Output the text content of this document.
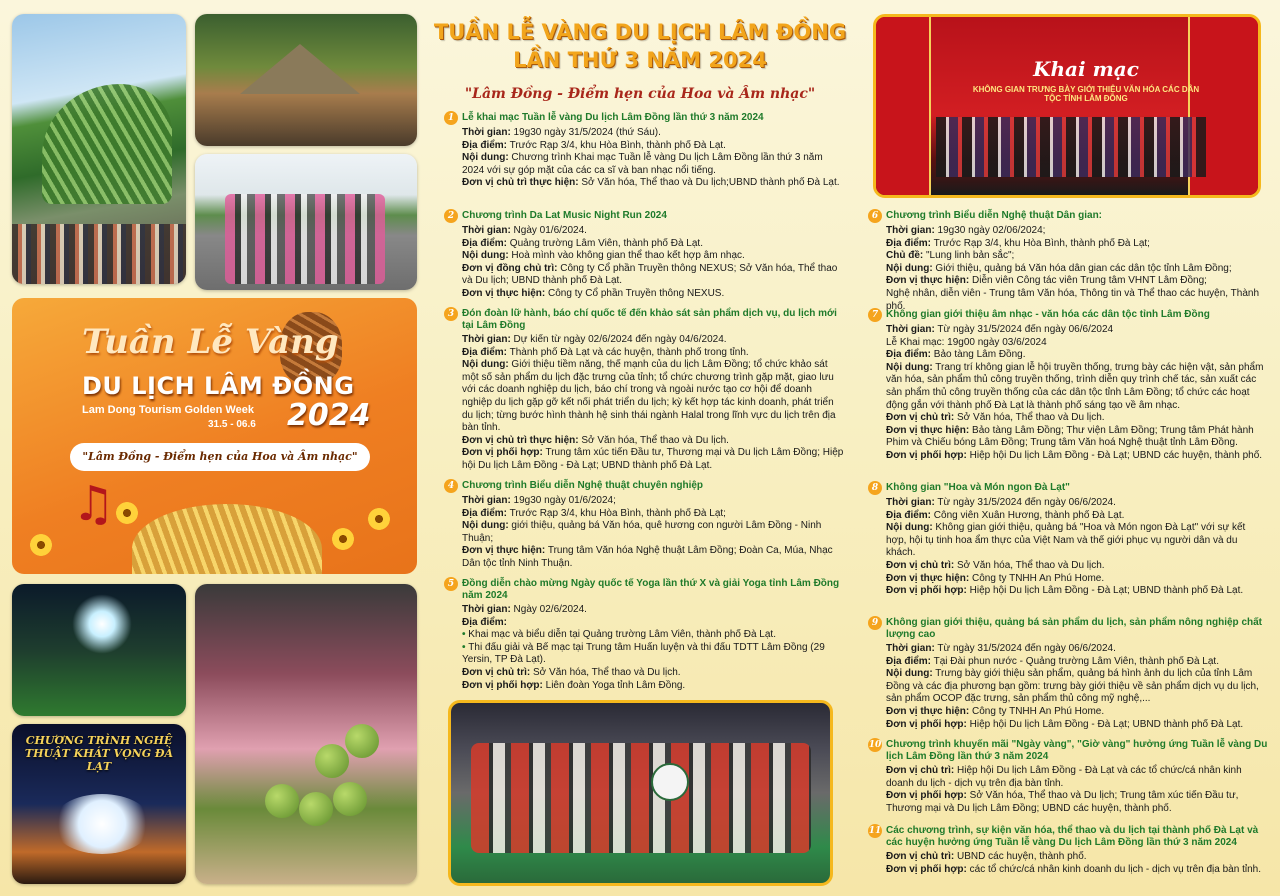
Tuần Lễ Vàng
DU LỊCH LÂM ĐỒNG
Lam Dong Tourism Golden Week
31.5 - 06.6 2024
"Lâm Đồng - Điểm hẹn của Hoa và Âm nhạc"
♫
CHƯƠNG TRÌNH NGHỆ THUẬT KHÁT VỌNG ĐÀ LẠT
TUẦN LỄ VÀNG DU LỊCH LÂM ĐỒNG
LẦN THỨ 3 NĂM 2024
"Lâm Đồng - Điểm hẹn của Hoa và Âm nhạc"
1 Lễ khai mạc Tuần lễ vàng Du lịch Lâm Đồng lần thứ 3 năm 2024
Thời gian: 19g30 ngày 31/5/2024 (thứ Sáu).
Địa điểm: Trước Rạp 3/4, khu Hòa Bình, thành phố Đà Lạt.
Nội dung: Chương trình Khai mạc Tuần lễ vàng Du lịch Lâm Đồng lần thứ 3 năm 2024 với sự góp mặt của các ca sĩ và ban nhạc nổi tiếng.
Đơn vị chủ trì thực hiện: Sở Văn hóa, Thể thao và Du lịch;UBND thành phố Đà Lạt.
2 Chương trình Da Lat Music Night Run 2024
Thời gian: Ngày 01/6/2024.
Địa điểm: Quảng trường Lâm Viên, thành phố Đà Lạt.
Nội dung: Hoà mình vào không gian thể thao kết hợp âm nhạc.
Đơn vị đồng chủ trì: Công ty Cổ phần Truyền thông NEXUS; Sở Văn hóa, Thể thao và Du lịch; UBND thành phố Đà Lạt.
Đơn vị thực hiện: Công ty Cổ phần Truyền thông NEXUS.
3 Đón đoàn lữ hành, báo chí quốc tế đến khảo sát sản phẩm dịch vụ, du lịch mới tại Lâm Đồng
Thời gian: Dự kiến từ ngày 02/6/2024 đến ngày 04/6/2024.
Địa điểm: Thành phố Đà Lạt và các huyện, thành phố trong tỉnh.
Nội dung: Giới thiệu tiềm năng, thế mạnh của du lịch Lâm Đồng; tổ chức khảo sát một số sản phẩm du lịch đặc trưng của tỉnh; tổ chức chương trình gặp mặt, giao lưu với các doanh nghiệp du lịch, báo chí trong và ngoài nước tạo cơ hội để doanh nghiệp du lịch gặp gỡ kết nối phát triển du lịch; kỳ kết hợp tác kinh doanh, phát triển du lịch; từng bước hình thành hệ sinh thái ngành Halal trong lĩnh vực du lịch trên địa bàn tỉnh.
Đơn vị chủ trì thực hiện: Sở Văn hóa, Thể thao và Du lịch.
Đơn vị phối hợp: Trung tâm xúc tiến Đầu tư, Thương mại và Du lịch Lâm Đồng; Hiệp hội Du lịch Lâm Đồng - Đà Lạt; UBND thành phố Đà Lạt.
4 Chương trình Biểu diễn Nghệ thuật chuyên nghiệp
Thời gian: 19g30 ngày 01/6/2024;
Địa điểm: Trước Rạp 3/4, khu Hòa Bình, thành phố Đà Lạt;
Nội dung: giới thiệu, quảng bá Văn hóa, quê hương con người Lâm Đồng - Ninh Thuận;
Đơn vị thực hiện: Trung tâm Văn hóa Nghệ thuật Lâm Đồng; Đoàn Ca, Múa, Nhạc Dân tộc tỉnh Ninh Thuận.
5 Đồng diễn chào mừng Ngày quốc tế Yoga lần thứ X và giải Yoga tỉnh Lâm Đồng năm 2024
Thời gian: Ngày 02/6/2024.
Địa điểm:
• Khai mạc và biểu diễn tại Quảng trường Lâm Viên, thành phố Đà Lạt.
• Thi đấu giải và Bế mạc tại Trung tâm Huấn luyện và thi đấu TDTT Lâm Đồng (29 Yersin, TP Đà Lạt).
Đơn vị chủ trì: Sở Văn hóa, Thể thao và Du lịch.
Đơn vị phối hợp: Liên đoàn Yoga tỉnh Lâm Đồng.
Khai mạc
KHÔNG GIAN TRƯNG BÀY GIỚI THIỆU VĂN HÓA CÁC DÂN TỘC TỈNH LÂM ĐỒNG
6 Chương trình Biểu diễn Nghệ thuật Dân gian:
Thời gian: 19g30 ngày 02/06/2024;
Địa điểm: Trước Rạp 3/4, khu Hòa Bình, thành phố Đà Lạt;
Chủ đề: "Lung linh bản sắc";
Nội dung: Giới thiệu, quảng bá Văn hóa dân gian các dân tộc tỉnh Lâm Đồng;
Đơn vị thực hiện: Diễn viên Công tác viên Trung tâm VHNT Lâm Đồng;
Nghệ nhân, diễn viên - Trung tâm Văn hóa, Thông tin và Thể thao các huyện, Thành phố.
7 Không gian giới thiệu âm nhạc - văn hóa các dân tộc tỉnh Lâm Đồng
Thời gian: Từ ngày 31/5/2024 đến ngày 06/6/2024
Lễ Khai mạc: 19g00 ngày 03/6/2024
Địa điểm: Bảo tàng Lâm Đồng.
Nội dung: Trang trí không gian lễ hội truyền thống, trưng bày các hiện vật, sản phẩm văn hóa, sản phẩm thủ công truyền thống, trình diễn quy trình chế tác, sản xuất các sản phẩm thủ công truyền thống của các dân tộc tỉnh Lâm Đồng; tổ chức các hoạt động gắn với thành phố Đà Lạt là thành phố sáng tạo về âm nhạc.
Đơn vị chủ trì: Sở Văn hóa, Thể thao và Du lịch.
Đơn vị thực hiện: Bảo tàng Lâm Đồng; Thư viện Lâm Đồng; Trung tâm Phát hành Phim và Chiếu bóng Lâm Đồng; Trung tâm Văn hoá Nghệ thuật tỉnh Lâm Đồng.
Đơn vị phối hợp: Hiệp hội Du lịch Lâm Đồng - Đà Lạt; UBND các huyện, thành phố.
8 Không gian "Hoa và Món ngon Đà Lạt"
Thời gian: Từ ngày 31/5/2024 đến ngày 06/6/2024.
Địa điểm: Công viên Xuân Hương, thành phố Đà Lạt.
Nội dung: Không gian giới thiệu, quảng bá "Hoa và Món ngon Đà Lạt" với sự kết hợp, hội tụ tinh hoa ẩm thực của Việt Nam và thế giới phục vụ người dân và du khách.
Đơn vị chủ trì: Sở Văn hóa, Thể thao và Du lịch.
Đơn vị thực hiện: Công ty TNHH An Phú Home.
Đơn vị phối hợp: Hiệp hội Du lịch Lâm Đồng - Đà Lạt; UBND thành phố Đà Lạt.
9 Không gian giới thiệu, quảng bá sản phẩm du lịch, sản phẩm nông nghiệp chất lượng cao
Thời gian: Từ ngày 31/5/2024 đến ngày 06/6/2024.
Địa điểm: Tại Đài phun nước - Quảng trường Lâm Viên, thành phố Đà Lạt.
Nội dung: Trưng bày giới thiệu sản phẩm, quảng bá hình ảnh du lịch của tỉnh Lâm Đồng và các địa phương bạn gồm: trưng bày giới thiệu về sản phẩm dịch vụ du lịch, sản phẩm OCOP đặc trưng, sản phẩm thủ công mỹ nghệ,...
Đơn vị thực hiện: Công ty TNHH An Phú Home.
Đơn vị phối hợp: Hiệp hội Du lịch Lâm Đồng - Đà Lạt; UBND thành phố Đà Lạt.
10 Chương trình khuyến mãi "Ngày vàng", "Giờ vàng" hưởng ứng Tuần lễ vàng Du lịch Lâm Đồng lần thứ 3 năm 2024
Đơn vị chủ trì: Hiệp hội Du lịch Lâm Đồng - Đà Lạt và các tổ chức/cá nhân kinh doanh du lịch - dịch vụ trên địa bàn tỉnh.
Đơn vị phối hợp: Sở Văn hóa, Thể thao và Du lịch; Trung tâm xúc tiến Đầu tư, Thương mại và Du lịch Lâm Đồng; UBND các huyện, thành phố.
11 Các chương trình, sự kiện văn hóa, thể thao và du lịch tại thành phố Đà Lạt và các huyện hưởng ứng Tuần lễ vàng Du lịch Lâm Đồng lần thứ 3 năm 2024
Đơn vị chủ trì: UBND các huyện, thành phố.
Đơn vị phối hợp: các tổ chức/cá nhân kinh doanh du lịch - dịch vụ trên địa bàn tỉnh.
